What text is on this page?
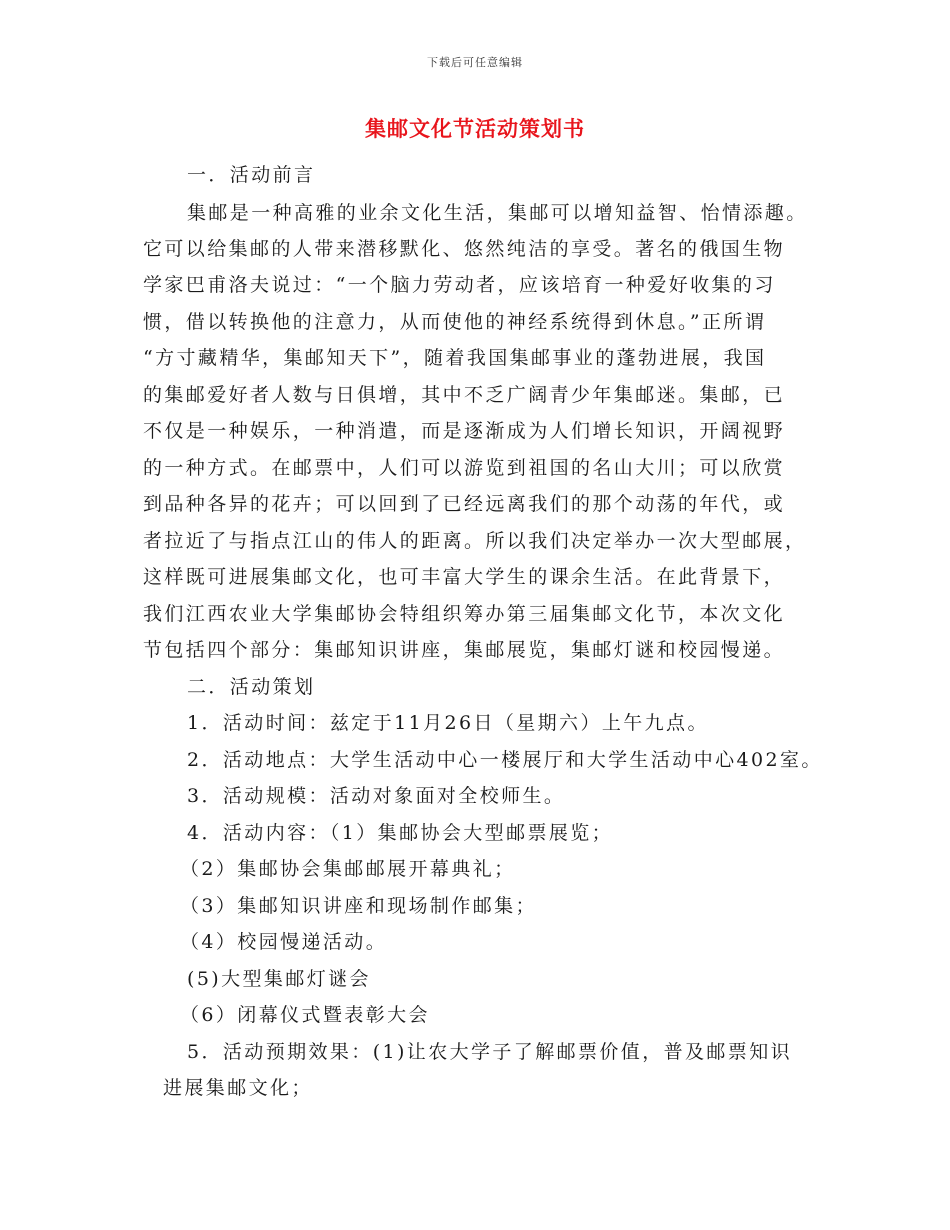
下载后可任意编辑
集邮文化节活动策划书
一．活动前言
集邮是一种高雅的业余文化生活，集邮可以增知益智、怡情添趣。
它可以给集邮的人带来潜移默化、悠然纯洁的享受。著名的俄国生物
学家巴甫洛夫说过：“一个脑力劳动者，应该培育一种爱好收集的习
惯，借以转换他的注意力，从而使他的神经系统得到休息。”正所谓
“方寸藏精华，集邮知天下”，随着我国集邮事业的蓬勃进展，我国
的集邮爱好者人数与日俱增，其中不乏广阔青少年集邮迷。集邮，已
不仅是一种娱乐，一种消遣，而是逐渐成为人们增长知识，开阔视野
的一种方式。在邮票中，人们可以游览到祖国的名山大川；可以欣赏
到品种各异的花卉；可以回到了已经远离我们的那个动荡的年代，或
者拉近了与指点江山的伟人的距离。所以我们决定举办一次大型邮展，
这样既可进展集邮文化，也可丰富大学生的课余生活。在此背景下，
我们江西农业大学集邮协会特组织筹办第三届集邮文化节，本次文化
节包括四个部分：集邮知识讲座，集邮展览，集邮灯谜和校园慢递。
二．活动策划
1．活动时间：兹定于11月26日（星期六）上午九点。
2．活动地点：大学生活动中心一楼展厅和大学生活动中心402室。
3．活动规模：活动对象面对全校师生。
4．活动内容：（1）集邮协会大型邮票展览；
（2）集邮协会集邮邮展开幕典礼；
（3）集邮知识讲座和现场制作邮集；
（4）校园慢递活动。
(5)大型集邮灯谜会
（6）闭幕仪式暨表彰大会
5．活动预期效果：(1)让农大学子了解邮票价值，普及邮票知识
进展集邮文化；
